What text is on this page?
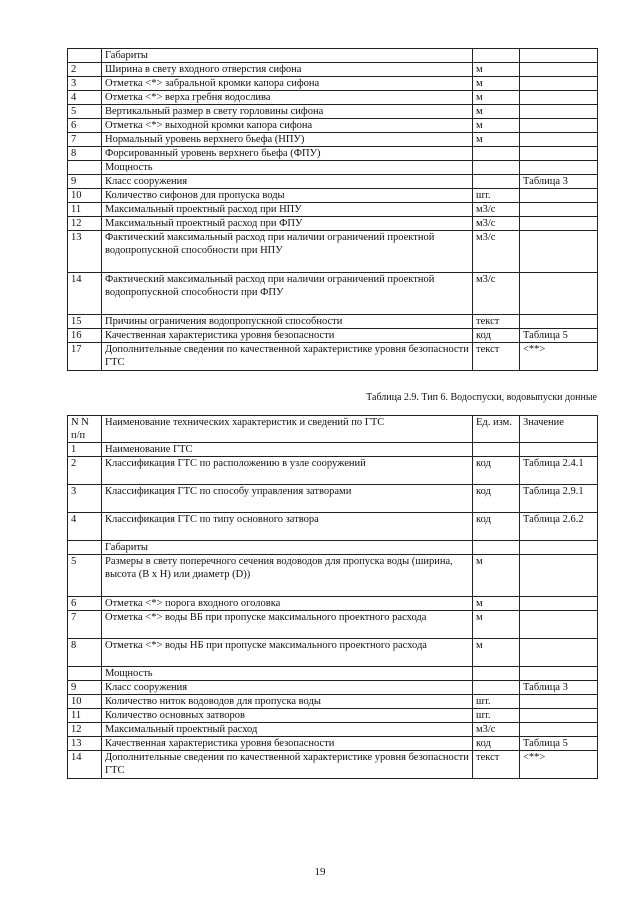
	Габариты		
2	Ширина в свету входного отверстия сифона	м	
3	Отметка <*> забральной кромки капора сифона	м	
4	Отметка <*> верха гребня водослива	м	
5	Вертикальный размер в свету горловины сифона	м	
6	Отметка <*> выходной кромки капора сифона	м	
7	Нормальный уровень верхнего бьефа (НПУ)	м	
8	Форсированный уровень верхнего бьефа (ФПУ)		
	Мощность		
9	Класс сооружения		Таблица 3
10	Количество сифонов для пропуска воды	шт.	
11	Максимальный проектный расход при НПУ	м3/с	
12	Максимальный проектный расход при ФПУ	м3/с	
13	Фактический максимальный расход при наличии ограничений проектной водопропускной способности при НПУ	м3/с	
14	Фактический максимальный расход при наличии ограничений проектной водопропускной способности при ФПУ	м3/с	
15	Причины ограничения водопропускной способности	текст	
16	Качественная характеристика уровня безопасности	код	Таблица 5
17	Дополнительные сведения по качественной характеристике уровня безопасности ГТС	текст	<**>
Таблица 2.9. Тип 6. Водоспуски, водовыпуски донные
N N п/п	Наименование технических характеристик и сведений по ГТС	Ед. изм.	Значение
1	Наименование ГТС		
2	Классификация ГТС по расположению в узле сооружений	код	Таблица 2.4.1
3	Классификация ГТС по способу управления затворами	код	Таблица 2.9.1
4	Классификация ГТС по типу основного затвора	код	Таблица 2.6.2
	Габариты		
5	Размеры в свету поперечного сечения водоводов для пропуска воды (ширина, высота (B x H) или диаметр (D))	м	
6	Отметка <*> порога входного оголовка	м	
7	Отметка <*> воды ВБ при пропуске максимального проектного расхода	м	
8	Отметка <*> воды НБ при пропуске максимального проектного расхода	м	
	Мощность		
9	Класс сооружения		Таблица 3
10	Количество ниток водоводов для пропуска воды	шт.	
11	Количество основных затворов	шт.	
12	Максимальный проектный расход	м3/с	
13	Качественная характеристика уровня безопасности	код	Таблица 5
14	Дополнительные сведения по качественной характеристике уровня безопасности ГТС	текст	<**>
19
